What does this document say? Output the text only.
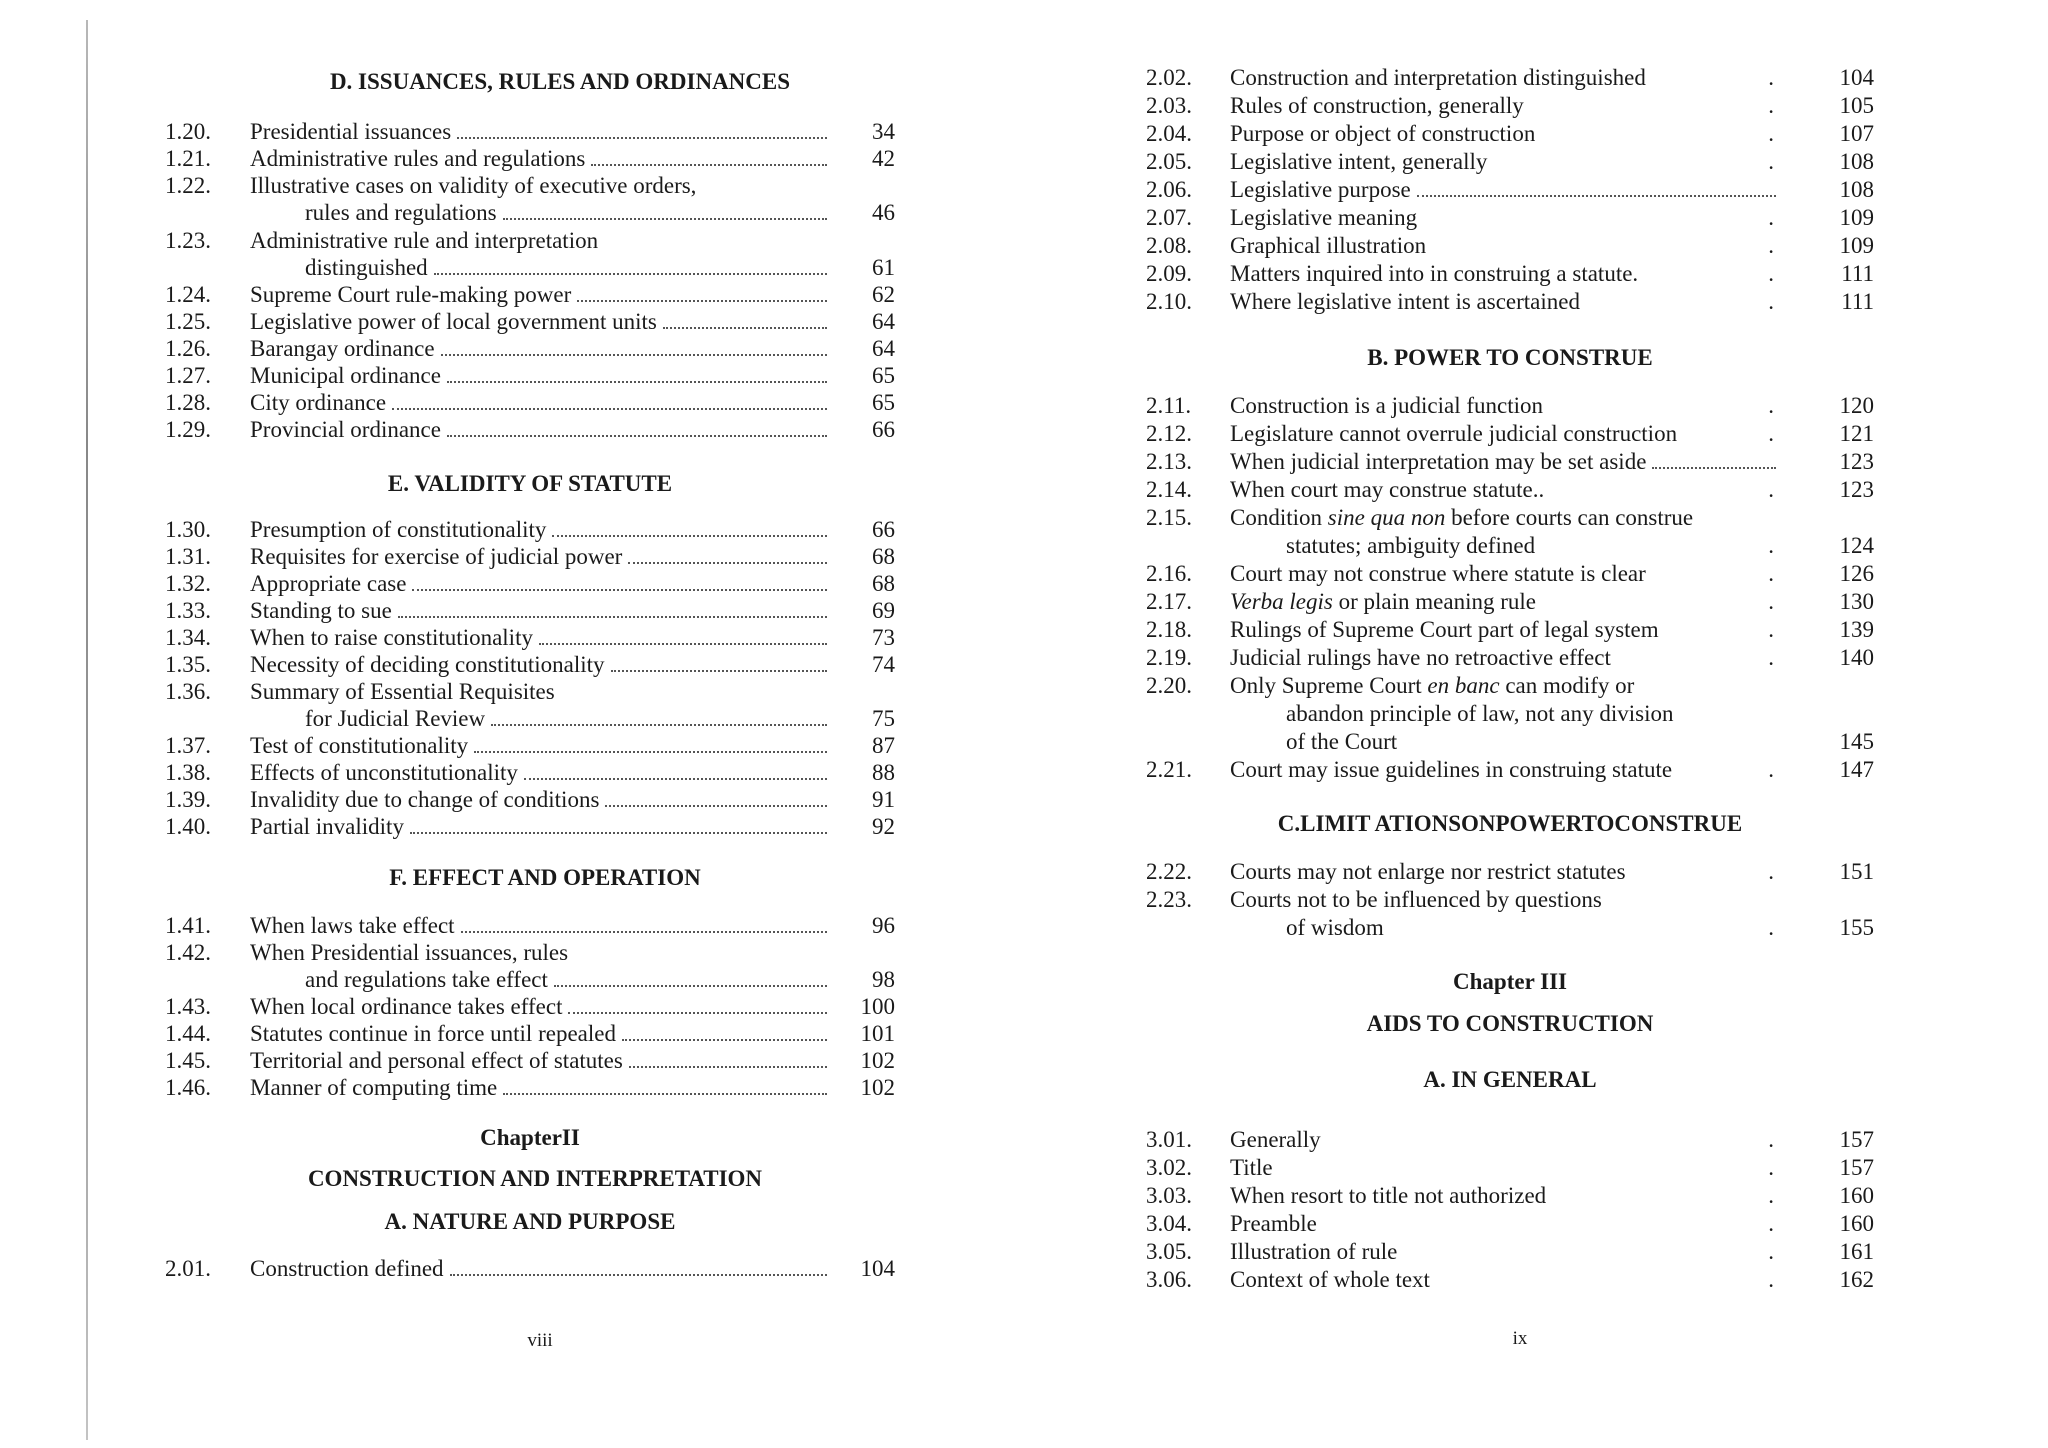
D. ISSUANCES, RULES AND ORDINANCES
1.20.	Presidential issuances	34
1.21.	Administrative rules and regulations	42
1.22.	Illustrative cases on validity of executive orders,
rules and regulations	46
1.23.	Administrative rule and interpretation
distinguished	61
1.24.	Supreme Court rule-making power	62
1.25.	Legislative power of local government units	64
1.26.	Barangay ordinance	64
1.27.	Municipal ordinance	65
1.28.	City ordinance	65
1.29.	Provincial ordinance	66
E. VALIDITY OF STATUTE
1.30.	Presumption of constitutionality	66
1.31.	Requisites for exercise of judicial power	68
1.32.	Appropriate case	68
1.33.	Standing to sue	69
1.34.	When to raise constitutionality	73
1.35.	Necessity of deciding constitutionality	74
1.36.	Summary of Essential Requisites
for Judicial Review	75
1.37.	Test of constitutionality	87
1.38.	Effects of unconstitutionality	88
1.39.	Invalidity due to change of conditions	91
1.40.	Partial invalidity	92
F. EFFECT AND OPERATION
1.41.	When laws take effect	96
1.42.	When Presidential issuances, rules
and regulations take effect	98
1.43.	When local ordinance takes effect	100
1.44.	Statutes continue in force until repealed	101
1.45.	Territorial and personal effect of statutes	102
1.46.	Manner of computing time	102
ChapterII
CONSTRUCTION AND INTERPRETATION
A. NATURE AND PURPOSE
2.01.	Construction defined	104
2.02.	Construction and interpretation distinguished	.	104
2.03.	Rules of construction, generally	.	105
2.04.	Purpose or object of construction	.	107
2.05.	Legislative intent, generally	.	108
2.06.	Legislative purpose	108
2.07.	Legislative meaning	.	109
2.08.	Graphical illustration	.	109
2.09.	Matters inquired into in construing a statute.	.	111
2.10.	Where legislative intent is ascertained	.	111
B. POWER TO CONSTRUE
2.11.	Construction is a judicial function	.	120
2.12.	Legislature cannot overrule judicial construction	.	121
2.13.	When judicial interpretation may be set aside	123
2.14.	When court may construe statute..	.	123
2.15.	Condition sine qua non before courts can construe
statutes; ambiguity defined	.	124
2.16.	Court may not construe where statute is clear	.	126
2.17.	Verba legis or plain meaning rule	.	130
2.18.	Rulings of Supreme Court part of legal system	.	139
2.19.	Judicial rulings have no retroactive effect	.	140
2.20.	Only Supreme Court en banc can modify or
abandon principle of law, not any division
of the Court	145
2.21.	Court may issue guidelines in construing statute	.	147
C.LIMIT ATIONSONPOWERTOCONSTRUE
2.22.	Courts may not enlarge nor restrict statutes	.	151
2.23.	Courts not to be influenced by questions
of wisdom	.	155
Chapter III
AIDS TO CONSTRUCTION
A. IN GENERAL
3.01.	Generally	.	157
3.02.	Title	.	157
3.03.	When resort to title not authorized	.	160
3.04.	Preamble	.	160
3.05.	Illustration of rule	.	161
3.06.	Context of whole text	.	162
viii	ix
